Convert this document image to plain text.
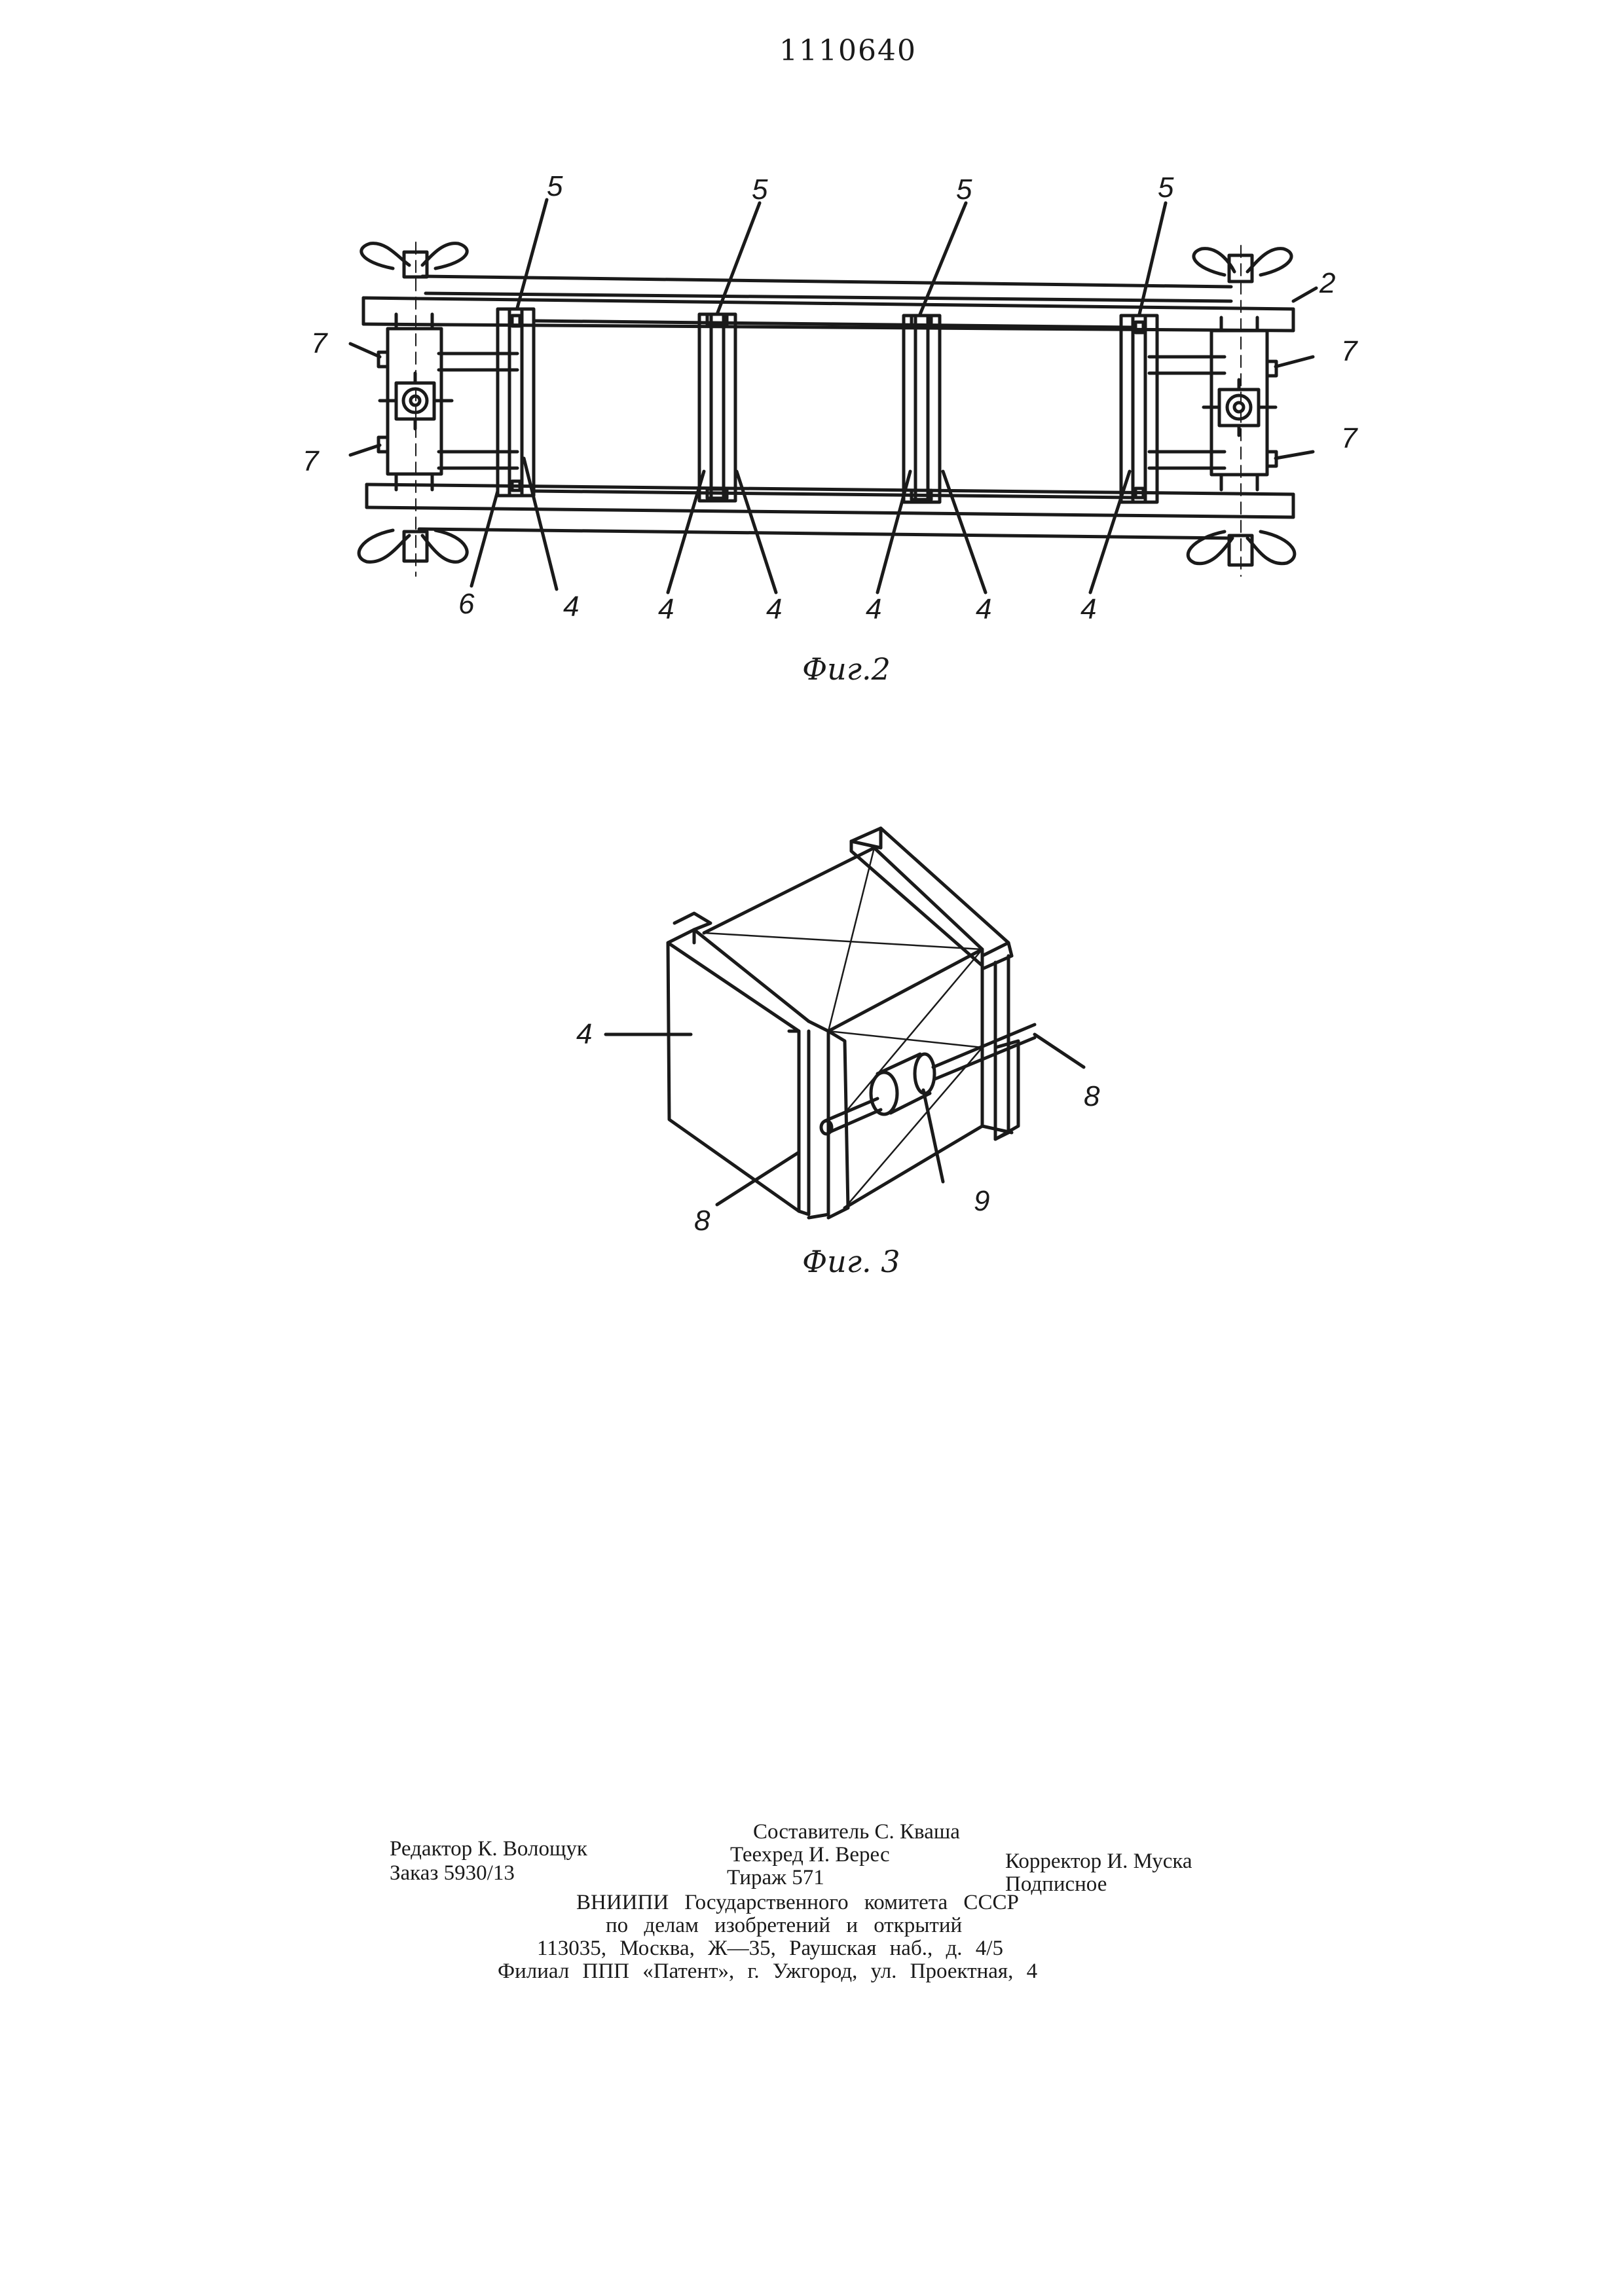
1110640
5	5	5	5
2
7
7
7
7
6	4	4	4	4	4	4
Фиг.2
4
8
8
9
Фиг. 3
Составитель С. Кваша
Редактор К. Волощук	Теехред И. Верес	Корректор И. Муска
Заказ 5930/13	Тираж 571	Подписное
ВНИИПИ Государственного комитета СССР
по делам изобретений и открытий
113035, Москва, Ж—35, Раушская наб., д. 4/5
Филиал ППП «Патент», г. Ужгород, ул. Проектная, 4
